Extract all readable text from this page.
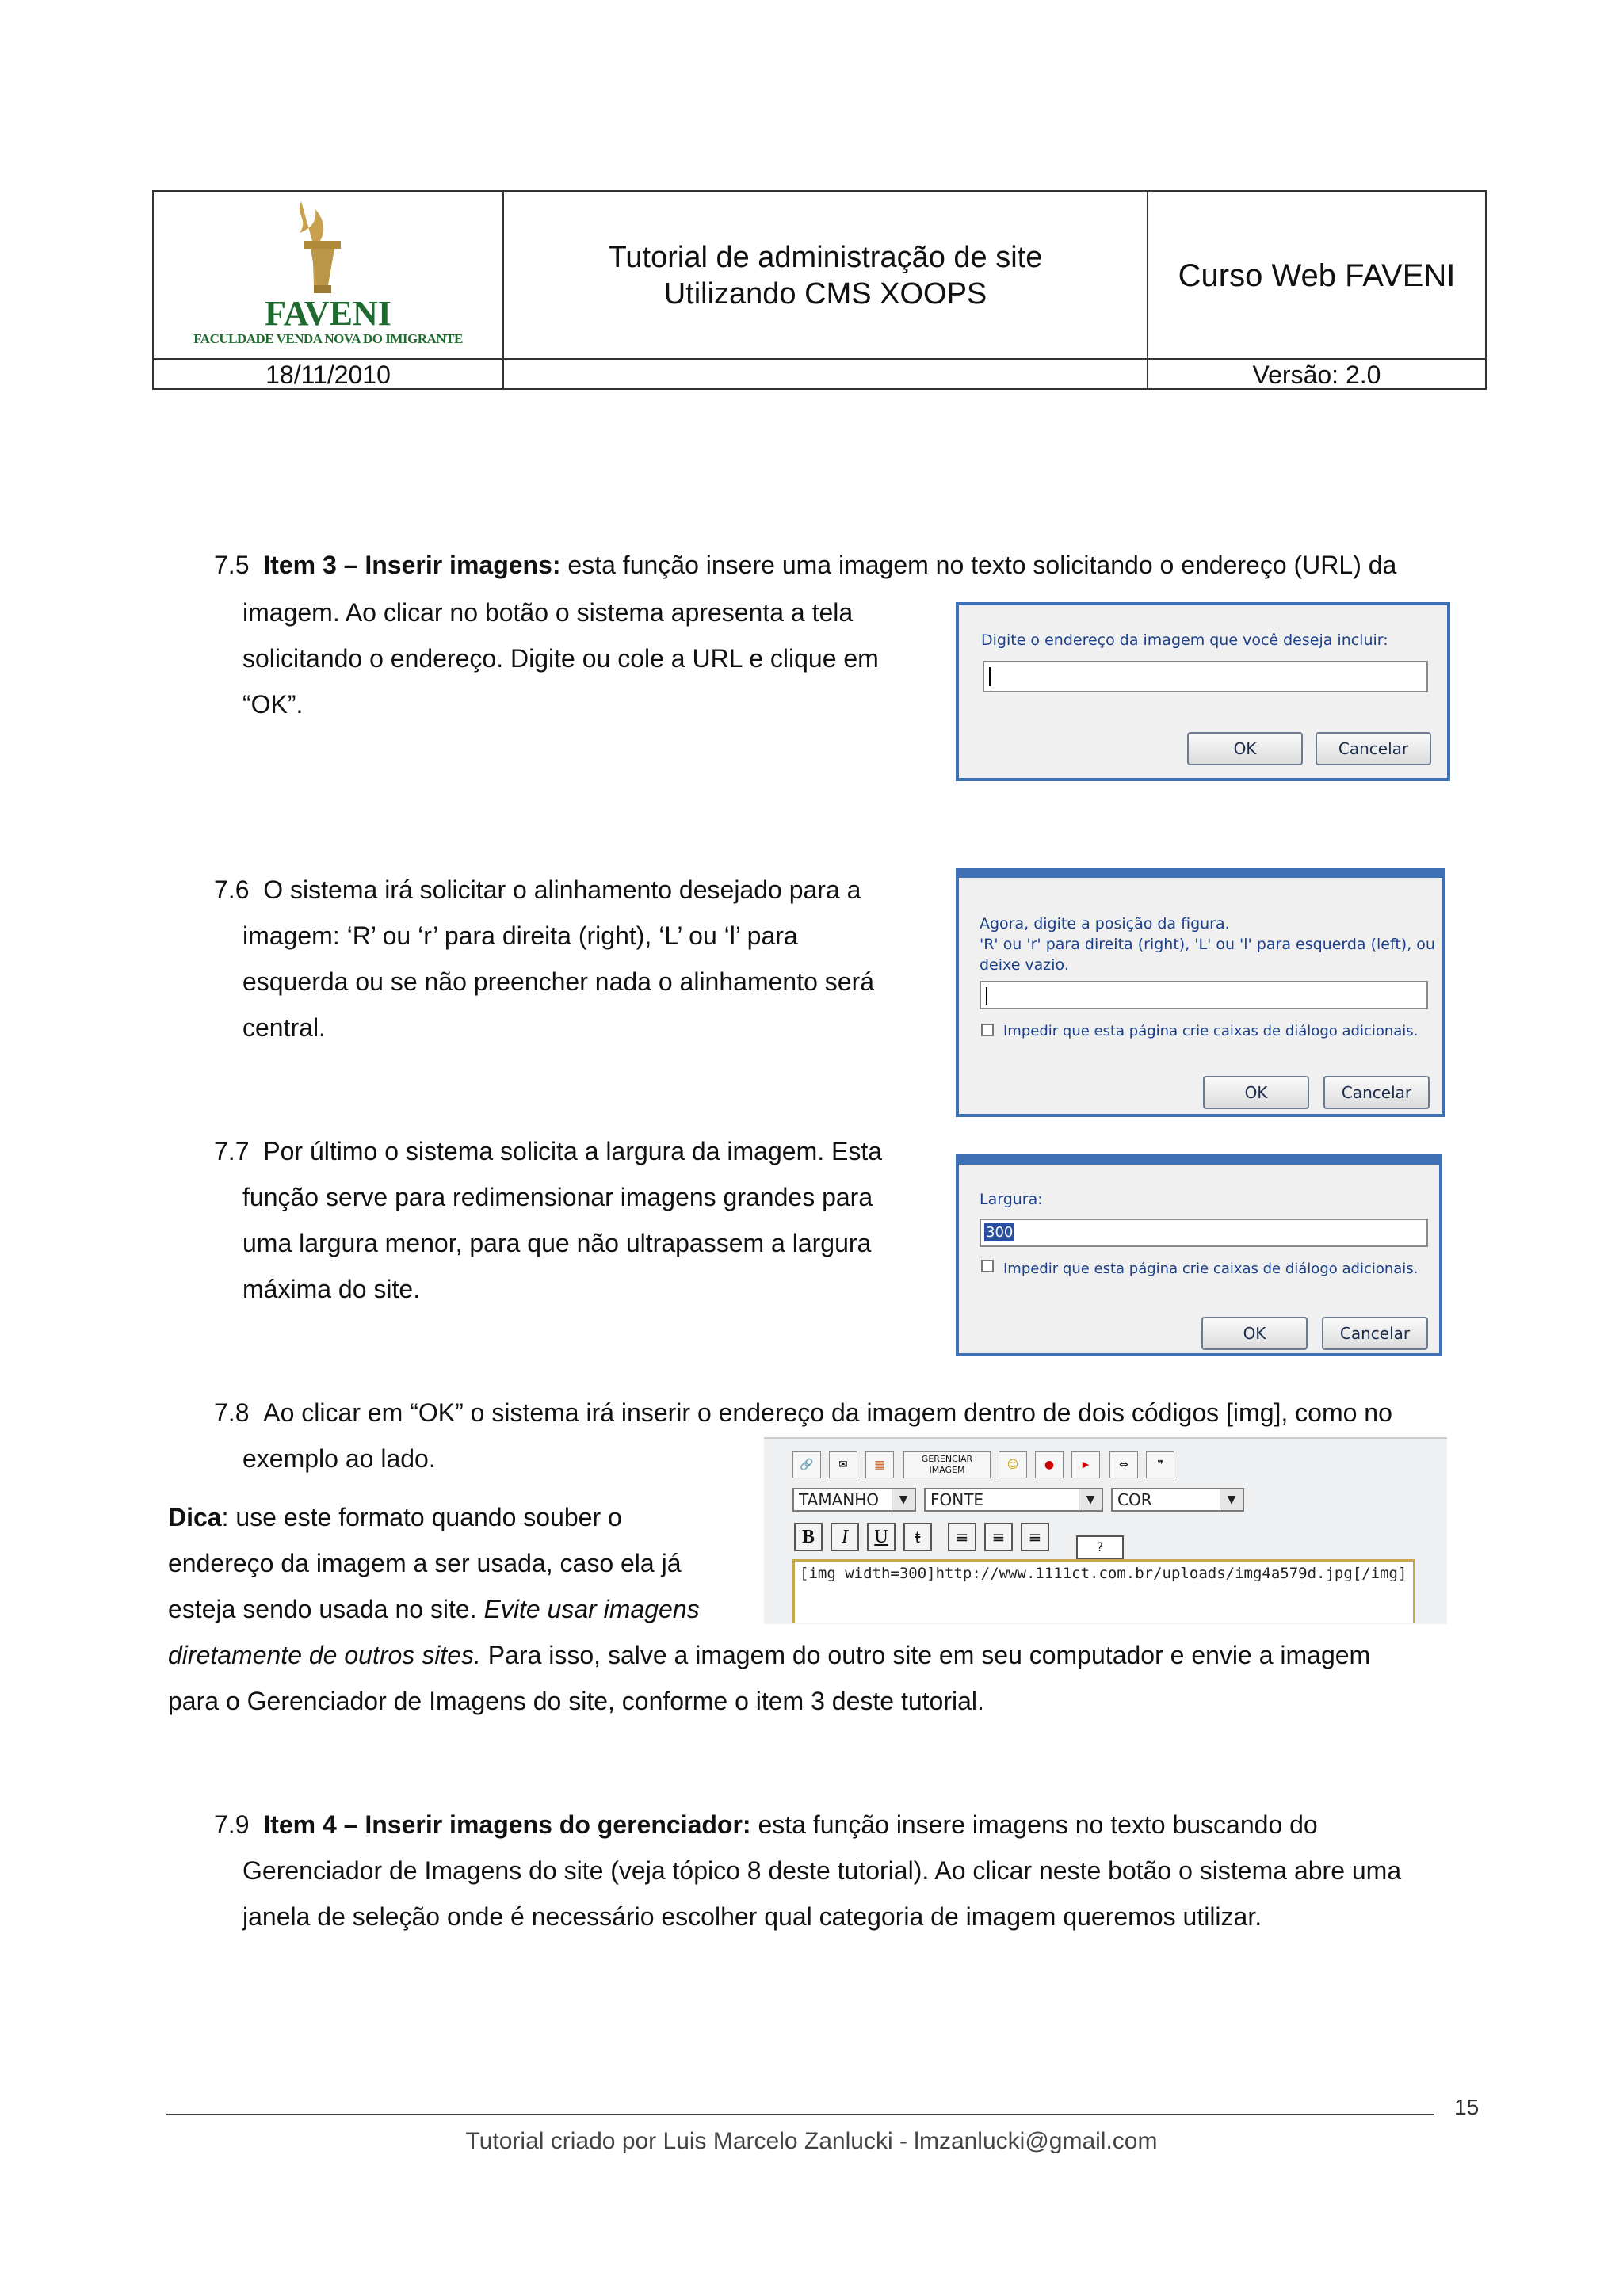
FAVENI
FACULDADE VENDA NOVA DO IMIGRANTE
Tutorial de administração de site
Utilizando CMS XOOPS
Curso Web FAVENI
18/11/2010	Versão: 2.0
7.5 Item 3 – Inserir imagens: esta função insere uma imagem no texto solicitando o endereço (URL) da
imagem. Ao clicar no botão o sistema apresenta a tela
solicitando o endereço. Digite ou cole a URL e clique em
“OK”.
Digite o endereço da imagem que você deseja incluir:
OK	Cancelar
7.6 O sistema irá solicitar o alinhamento desejado para a
imagem: ‘R’ ou ‘r’ para direita (right), ‘L’ ou ‘l’ para
esquerda ou se não preencher nada o alinhamento será
central.
Agora, digite a posição da figura.
'R' ou 'r' para direita (right), 'L' ou 'l' para esquerda (left), ou
deixe vazio.
Impedir que esta página crie caixas de diálogo adicionais.
OK	Cancelar
7.7 Por último o sistema solicita a largura da imagem. Esta
função serve para redimensionar imagens grandes para
uma largura menor, para que não ultrapassem a largura
máxima do site.
Largura:
300
Impedir que esta página crie caixas de diálogo adicionais.
OK	Cancelar
7.8 Ao clicar em “OK” o sistema irá inserir o endereço da imagem dentro de dois códigos [img], como no
exemplo ao lado.	🔗	✉	▦	GERENCIAR IMAGEM	☺	●	▶	⇔	❞
TAMANHO	▼	FONTE	▼	COR	▼
B	I	U	t	≡	≡	≡
?
[img width=300]http://www.1111ct.com.br/uploads/img4a579d.jpg[/img]
Dica: use este formato quando souber o
endereço da imagem a ser usada, caso ela já
esteja sendo usada no site. Evite usar imagens
diretamente de outros sites. Para isso, salve a imagem do outro site em seu computador e envie a imagem
para o Gerenciador de Imagens do site, conforme o item 3 deste tutorial.
7.9 Item 4 – Inserir imagens do gerenciador: esta função insere imagens no texto buscando do
Gerenciador de Imagens do site (veja tópico 8 deste tutorial). Ao clicar neste botão o sistema abre uma
janela de seleção onde é necessário escolher qual categoria de imagem queremos utilizar.
15
Tutorial criado por Luis Marcelo Zanlucki - lmzanlucki@gmail.com
